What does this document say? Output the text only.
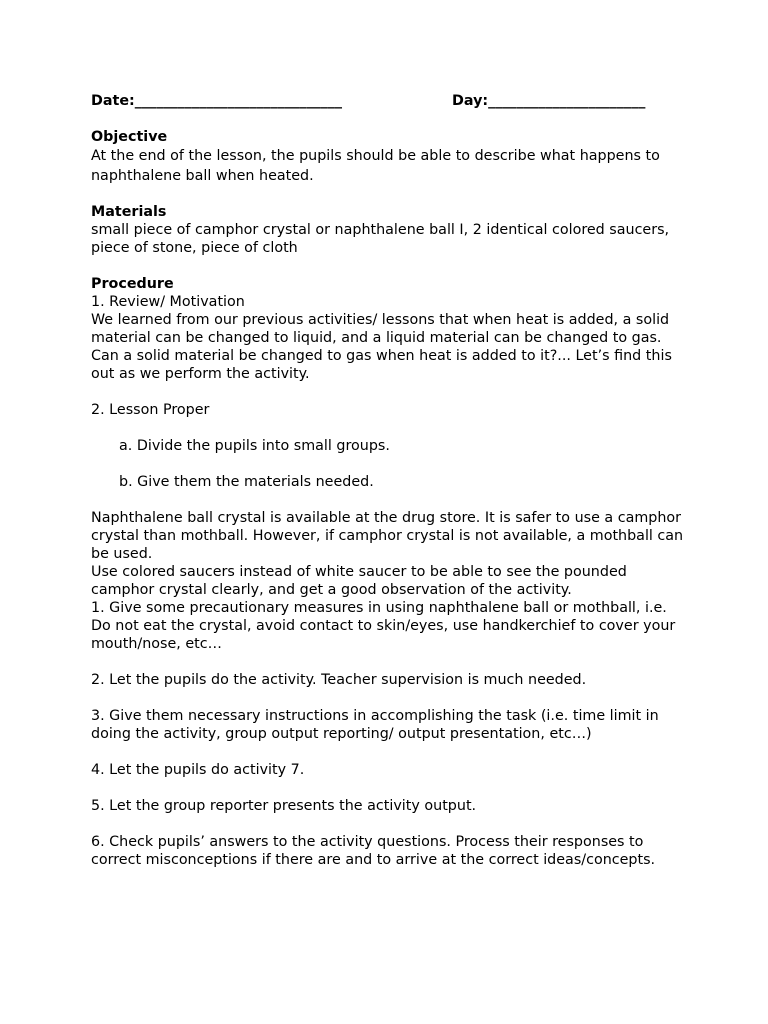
Date:_____________________________	Day:______________________

Objective

At the end of the lesson, the pupils should be able to describe what happens to naphthalene ball when heated.

Materials

small piece of camphor crystal or naphthalene ball I, 2 identical colored saucers, piece of stone, piece of cloth

Procedure

1. Review/ Motivation

We learned from our previous activities/ lessons that when heat is added, a solid material can be changed to liquid, and a liquid material can be changed to gas.

Can a solid material be changed to gas when heat is added to it?... Let’s find this out as we perform the activity.

2. Lesson Proper

a. Divide the pupils into small groups.

b. Give them the materials needed.

Naphthalene ball crystal is available at the drug store. It is safer to use a camphor crystal than mothball. However, if camphor crystal is not available, a mothball can be used.

Use colored saucers instead of white saucer to be able to see the pounded camphor crystal clearly, and get a good observation of the activity.

1. Give some precautionary measures in using naphthalene ball or mothball, i.e. Do not eat the crystal, avoid contact to skin/eyes, use handkerchief to cover your mouth/nose, etc…

2. Let the pupils do the activity. Teacher supervision is much needed.

3. Give them necessary instructions in accomplishing the task (i.e. time limit in doing the activity, group output reporting/ output presentation, etc…)

4. Let the pupils do activity 7.

5. Let the group reporter presents the activity output.

6. Check pupils’ answers to the activity questions. Process their responses to correct misconceptions if there are and to arrive at the correct ideas/concepts.
